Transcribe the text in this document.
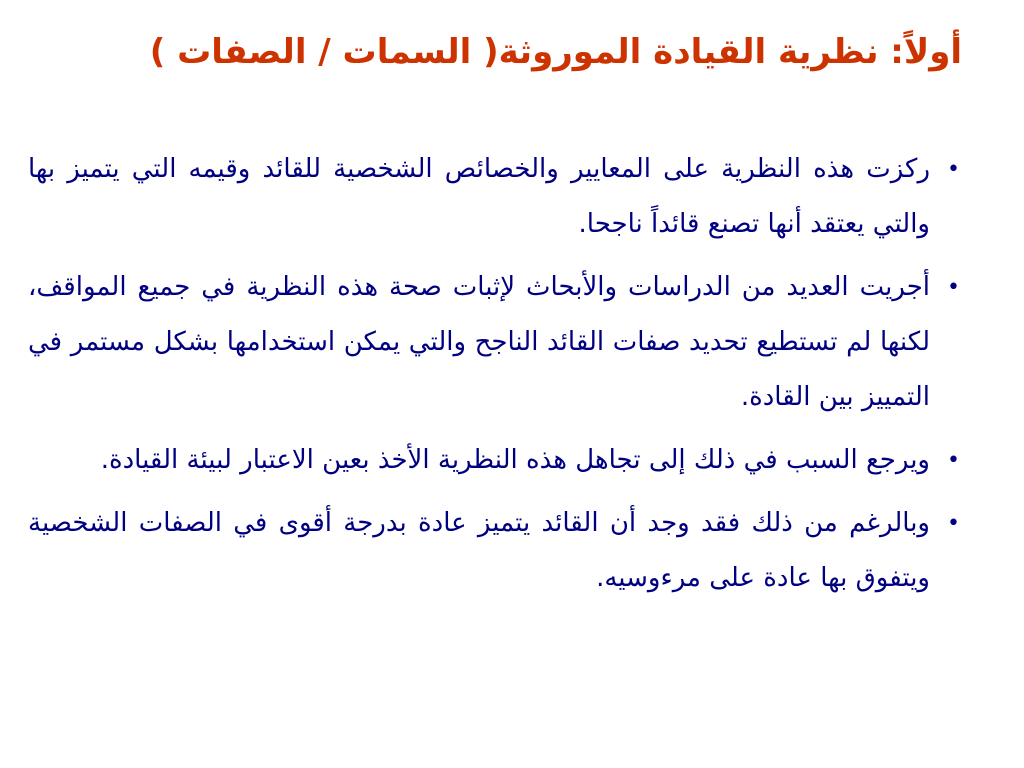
أولاً: نظرية القيادة الموروثة( السمات / الصفات )
•
ركزت هذه النظرية على المعايير والخصائص الشخصية للقائد وقيمه التي يتميز بها والتي يعتقد أنها تصنع قائداً ناجحا.
•
أجريت العديد من الدراسات والأبحاث لإثبات صحة هذه النظرية في جميع المواقف، لكنها لم تستطيع تحديد صفات القائد الناجح والتي يمكن استخدامها بشكل مستمر في التمييز بين القادة.
•
ويرجع السبب في ذلك إلى تجاهل هذه النظرية الأخذ بعين الاعتبار لبيئة القيادة.
•
وبالرغم من ذلك فقد وجد أن القائد يتميز عادة بدرجة أقوى في الصفات الشخصية ويتفوق بها عادة على مرءوسيه.
